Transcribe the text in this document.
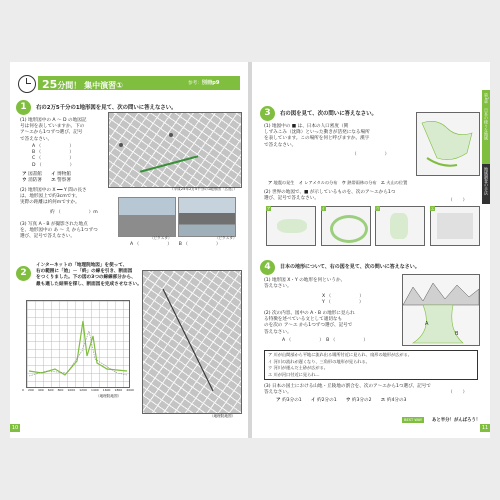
25分間！ 集中演習①	参考：別冊p9
1	右の2万5千分の1地形図を見て、次の問いに答えなさい。
(1) 地形図中の A ～ D の地図記
号は何を表していますか。下の
ア～エから1つずつ選び、記号
で答えなさい。
A （	）
B （	）
C （	）
D （	）
ア 図書館　　 イ 博物館
ウ 消防署　　 エ 警察署
(2) 地形図中の X ━━ Y 間の長さ
は、地形図上で約3cmです。
実際の距離は約何mですか。
約 （	）m
(3) 写真 A・B が撮影された地点
を、地形図中の あ ～ え から1つずつ
選び、記号で答えなさい。
（平成25年2万5千分の1地形図「広島」）
〈ピクスタ〉	〈ピクスタ〉
A （	）　　B （	）
2
インターネットの「地理院地図」を使って、
右の範囲に「始」－「終」の線を引き、断面図
をつくりました。下の図の3つの線線部分から、
最も適した結果を探し、断面図を完成させなさい。
0 200 400 600 800 1000 1200 1400 1600 1800 2000
（地理院地図）
（地理院地図）
10
第3章
日本の様々な地域
地域調査の手法
3	右の図を見て、次の問いに答えなさい。
(1) 地図中の ■ は、日本の人口密度（関
しずみこみ（沈降）といった動きが活発になる場所
を表しています。この場所を何と呼びますか。漢字
で答えなさい。
（	）
ア 地震の発生　 イ レアメタルの分布　 ウ 熱帯雨林の分布　 エ 火山の位置
(2) 世界の地図で、■ が示しているものを、次のア～エから1つ
選び、記号で答えなさい。
ア	イ	ウ	エ
（ ）
4	日本の地形について、右の図を見て、次の問いに答えなさい。
(1) 地形図 X・Y の地形を何というか、
答えなさい。
X （	）
Y （	）
(2) 次の内容、図中の A・B の地形に見られ
る特徴を述べている文として適切なも
のを次の ア～エ から1つずつ選び、記号で
答えなさい。
A （	）　B （	）
A
B
ア 川が山間部から平地に流れ出る場所付近に見られ、扇形の地形が広がる。
イ 河川の流れが遅くなり、三角形の地形が見られる。
ウ 河川が運んだ土砂が広がる。
エ 川が河口付近に見られ…
(3) 日本の国土における山地・丘陵地の割合を、次のア～エから1つ選び、記号で
答えなさい。
ア 約3分の1　　 イ 約2分の1　　 ウ 約3分の2　　 エ 約4分の3
（ ）
BEST WAY	あと半分！がんばろう！
11
